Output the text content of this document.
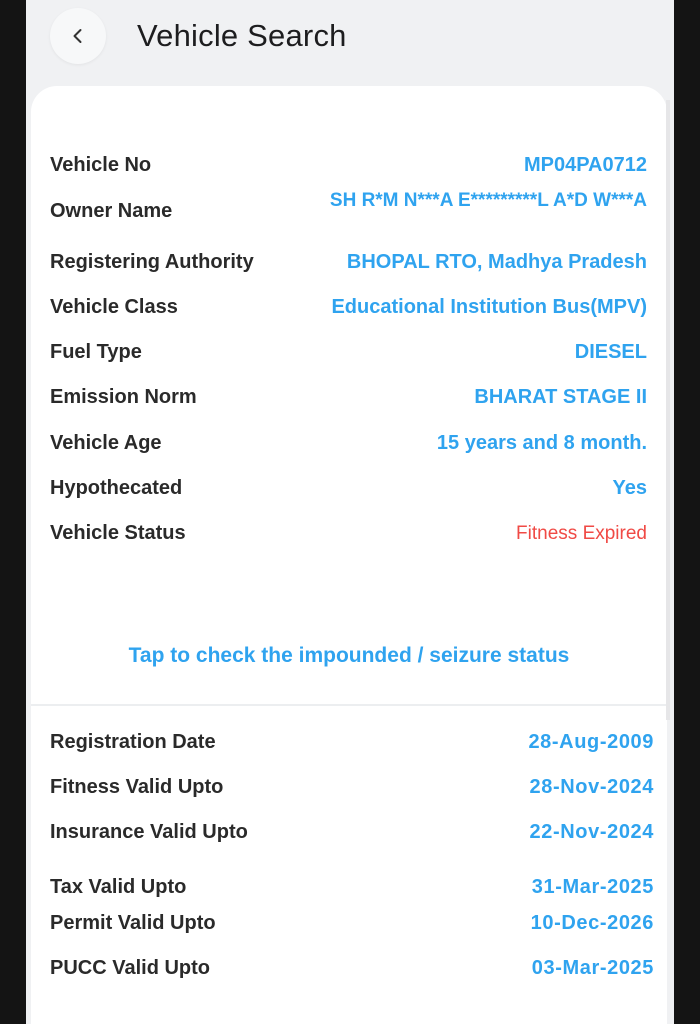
Vehicle Search
Vehicle No	MP04PA0712
Owner Name	SH R*M N***A E*********L A*D W***A
Registering Authority	BHOPAL RTO, Madhya Pradesh
Vehicle Class	Educational Institution Bus(MPV)
Fuel Type	DIESEL
Emission Norm	BHARAT STAGE II
Vehicle Age	15 years and 8 month.
Hypothecated	Yes
Vehicle Status	Fitness Expired
Tap to check the impounded / seizure status
Registration Date	28-Aug-2009
Fitness Valid Upto	28-Nov-2024
Insurance Valid Upto	22-Nov-2024
Tax Valid Upto	31-Mar-2025
Permit Valid Upto	10-Dec-2026
PUCC Valid Upto	03-Mar-2025
